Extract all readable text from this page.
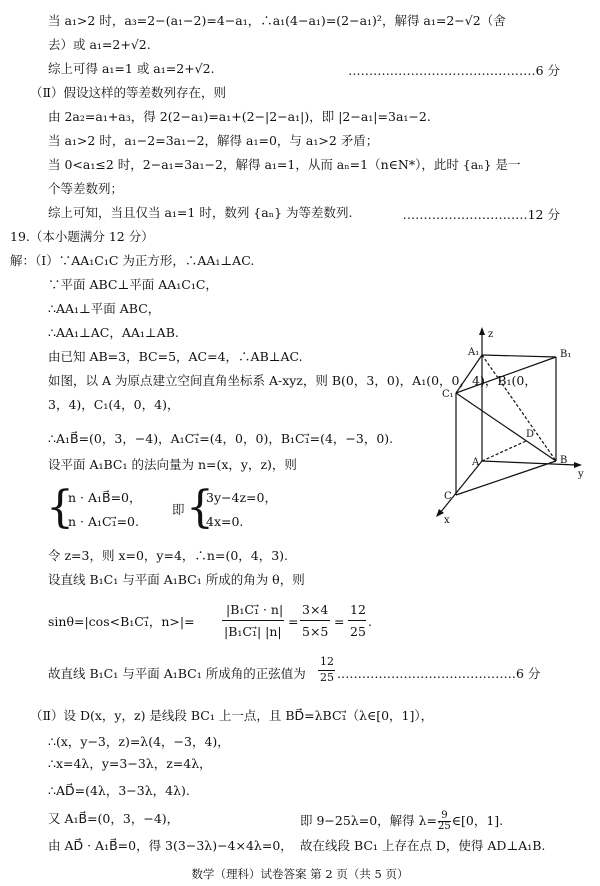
当 a₁>2 时，a₃=2−(a₁−2)=4−a₁，∴a₁(4−a₁)=(2−a₁)²，解得 a₁=2−√2（舍
去）或 a₁=2+√2.
综上可得 a₁=1 或 a₁=2+√2.	………………………………………6 分
（Ⅱ）假设这样的等差数列存在，则
由 2a₂=a₁+a₃，得 2(2−a₁)=a₁+(2−|2−a₁|)，即 |2−a₁|=3a₁−2.
当 a₁>2 时，a₁−2=3a₁−2，解得 a₁=0，与 a₁>2 矛盾；
当 0<a₁≤2 时，2−a₁=3a₁−2，解得 a₁=1，从而 aₙ=1（n∈N*），此时 {aₙ} 是一
个等差数列；
综上可知，当且仅当 a₁=1 时，数列 {aₙ} 为等差数列.	…………………………12 分
19.（本小题满分 12 分）
解：（Ⅰ）∵AA₁C₁C 为正方形，∴AA₁⊥AC.
∵平面 ABC⊥平面 AA₁C₁C，
∴AA₁⊥平面 ABC，
∴AA₁⊥AC，AA₁⊥AB.
由已知 AB=3，BC=5，AC=4，∴AB⊥AC.
如图，以 A 为原点建立空间直角坐标系 A-xyz，则 B(0，3，0)，A₁(0，0，4)，B₁(0，
3，4)，C₁(4，0，4)，
∴A₁B⃗=(0，3，−4)，A₁C₁⃗=(4，0，0)，B₁C₁⃗=(4，−3，0).
设平面 A₁BC₁ 的法向量为 n=(x，y，z)，则
{
n · A₁B⃗=0，
n · A₁C₁⃗=0.
即 {
3y−4z=0，
4x=0.
令 z=3，则 x=0，y=4，∴n=(0，4，3).
设直线 B₁C₁ 与平面 A₁BC₁ 所成的角为 θ，则
sinθ=|cos<B₁C₁⃗，n>|=
|B₁C₁⃗ · n|
|B₁C₁⃗| |n|
=
3×4
5×5
=
12
25
.
故直线 B₁C₁ 与平面 A₁BC₁ 所成角的正弦值为
12
25 .……………………………………6 分
（Ⅱ）设 D(x，y，z) 是线段 BC₁ 上一点，且 BD⃗=λBC₁⃗（λ∈[0，1]），
∴(x，y−3，z)=λ(4，−3，4)，
∴x=4λ，y=3−3λ，z=4λ，
∴AD⃗=(4λ，3−3λ，4λ).
又 A₁B⃗=(0，3，−4)，
数学（理科）试卷答案 第 2 页（共 5 页）
z
y
x
A₁	B₁
C₁
A	B
C
D
由 AD⃗ · A₁B⃗=0，得 3(3−3λ)−4×4λ=0，
即 9−25λ=0，解得 $\lambda= \frac{9}{25}$ ∈[0，1].
故在线段 BC₁ 上存在点 D，使得 AD⊥A₁B.
